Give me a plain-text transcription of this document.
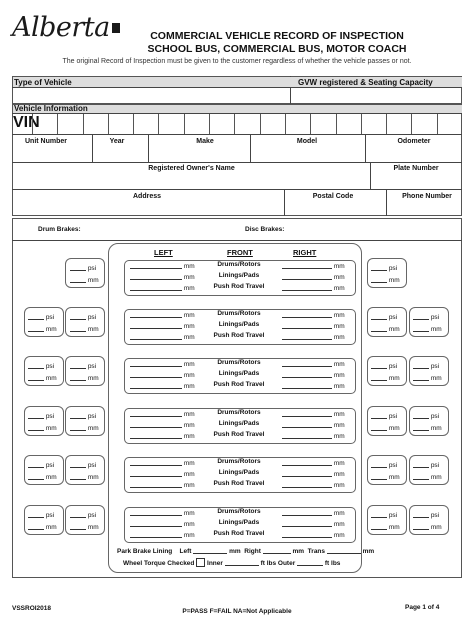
Alberta	COMMERCIAL VEHICLE RECORD OF INSPECTION
SCHOOL BUS, COMMERCIAL BUS, MOTOR COACH
The original Record of Inspection must be given to the customer regardless of whether the vehicle passes or not.
Type of Vehicle	GVW registered & Seating Capacity
Vehicle Information
VIN
Unit Number	Year	Make	Model	Odometer
Registered Owner's Name	Plate Number
Address	Postal Code	Phone Number
Drum Brakes:	Disc Brakes:
LEFT	FRONT	RIGHT
psi
mm
psi
mm
mm	Drums/Rotors	mm
mm	Linings/Pads	mm
mm	Push Rod Travel	mm
psi
mm
psi
mm
psi
mm
psi
mm
mm	Drums/Rotors	mm
mm	Linings/Pads	mm
mm	Push Rod Travel	mm
psi
mm
psi
mm
psi
mm
psi
mm
mm	Drums/Rotors	mm
mm	Linings/Pads	mm
mm	Push Rod Travel	mm
psi
mm
psi
mm
psi
mm
psi
mm
mm	Drums/Rotors	mm
mm	Linings/Pads	mm
mm	Push Rod Travel	mm
psi
mm
psi
mm
psi
mm
psi
mm
mm	Drums/Rotors	mm
mm	Linings/Pads	mm
mm	Push Rod Travel	mm
psi
mm
psi
mm
psi
mm
psi
mm
mm	Drums/Rotors	mm
mm	Linings/Pads	mm
mm	Push Rod Travel	mm
Park Brake Lining Left	mm Right	mm Trans	mm
Wheel Torque Checked Inner	ft lbs Outer	ft lbs
VSSROI2018	P=PASS F=FAIL NA=Not Applicable
Page 1 of 4
